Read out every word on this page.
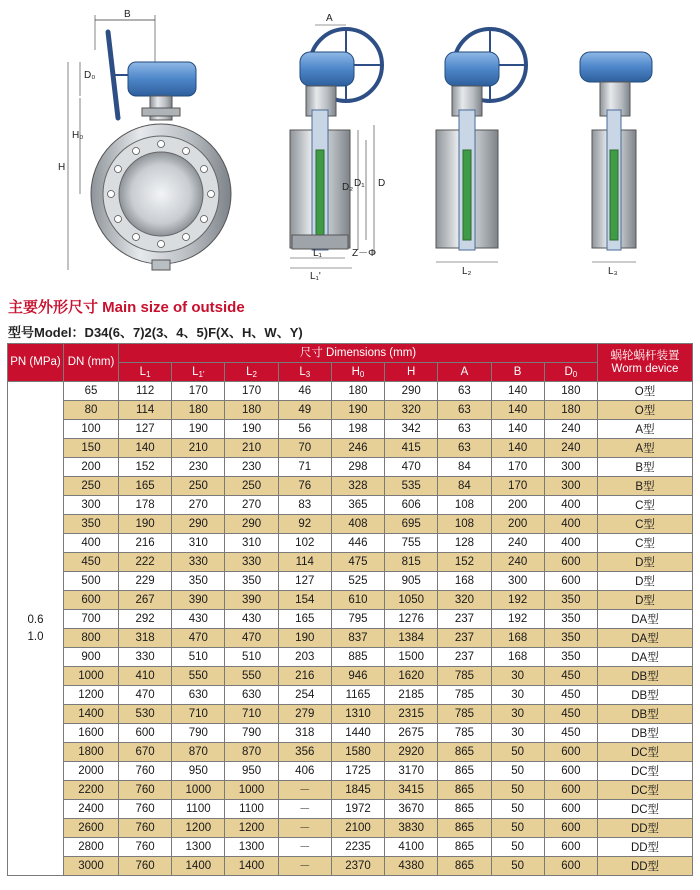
B
D₀
H₀
H
A
L₁
L₁'
D₂ D₁ D
Z－Φ
L₂	L₃
主要外形尺寸 Main size of outside
型号Model：D34(6、7)2(3、4、5)F(X、H、W、Y)
PN (MPa)	DN (mm)	尺寸 Dimensions (mm)									蜗轮蜗杆装置 Worm device
		$L_1$	$L_{1'}$	$L_2$	$L_3$	$H_0$	H	A	B	$D_0$
0.6
1.0	65	112	170	170	46	180	290	63	140	180	O型
	80	114	180	180	49	190	320	63	140	180	O型
	100	127	190	190	56	198	342	63	140	240	A型
	150	140	210	210	70	246	415	63	140	240	A型
	200	152	230	230	71	298	470	84	170	300	B型
	250	165	250	250	76	328	535	84	170	300	B型
	300	178	270	270	83	365	606	108	200	400	C型
	350	190	290	290	92	408	695	108	200	400	C型
	400	216	310	310	102	446	755	128	240	400	C型
	450	222	330	330	114	475	815	152	240	600	D型
	500	229	350	350	127	525	905	168	300	600	D型
	600	267	390	390	154	610	1050	320	192	350	D型
	700	292	430	430	165	795	1276	237	192	350	DA型
	800	318	470	470	190	837	1384	237	168	350	DA型
	900	330	510	510	203	885	1500	237	168	350	DA型
	1000	410	550	550	216	946	1620	785	30	450	DB型
	1200	470	630	630	254	1165	2185	785	30	450	DB型
	1400	530	710	710	279	1310	2315	785	30	450	DB型
	1600	600	790	790	318	1440	2675	785	30	450	DB型
	1800	670	870	870	356	1580	2920	865	50	600	DC型
	2000	760	950	950	406	1725	3170	865	50	600	DC型
	2200	760	1000	1000	－	1845	3415	865	50	600	DC型
	2400	760	1100	1100	－	1972	3670	865	50	600	DC型
	2600	760	1200	1200	－	2100	3830	865	50	600	DD型
	2800	760	1300	1300	－	2235	4100	865	50	600	DD型
	3000	760	1400	1400	－	2370	4380	865	50	600	DD型
